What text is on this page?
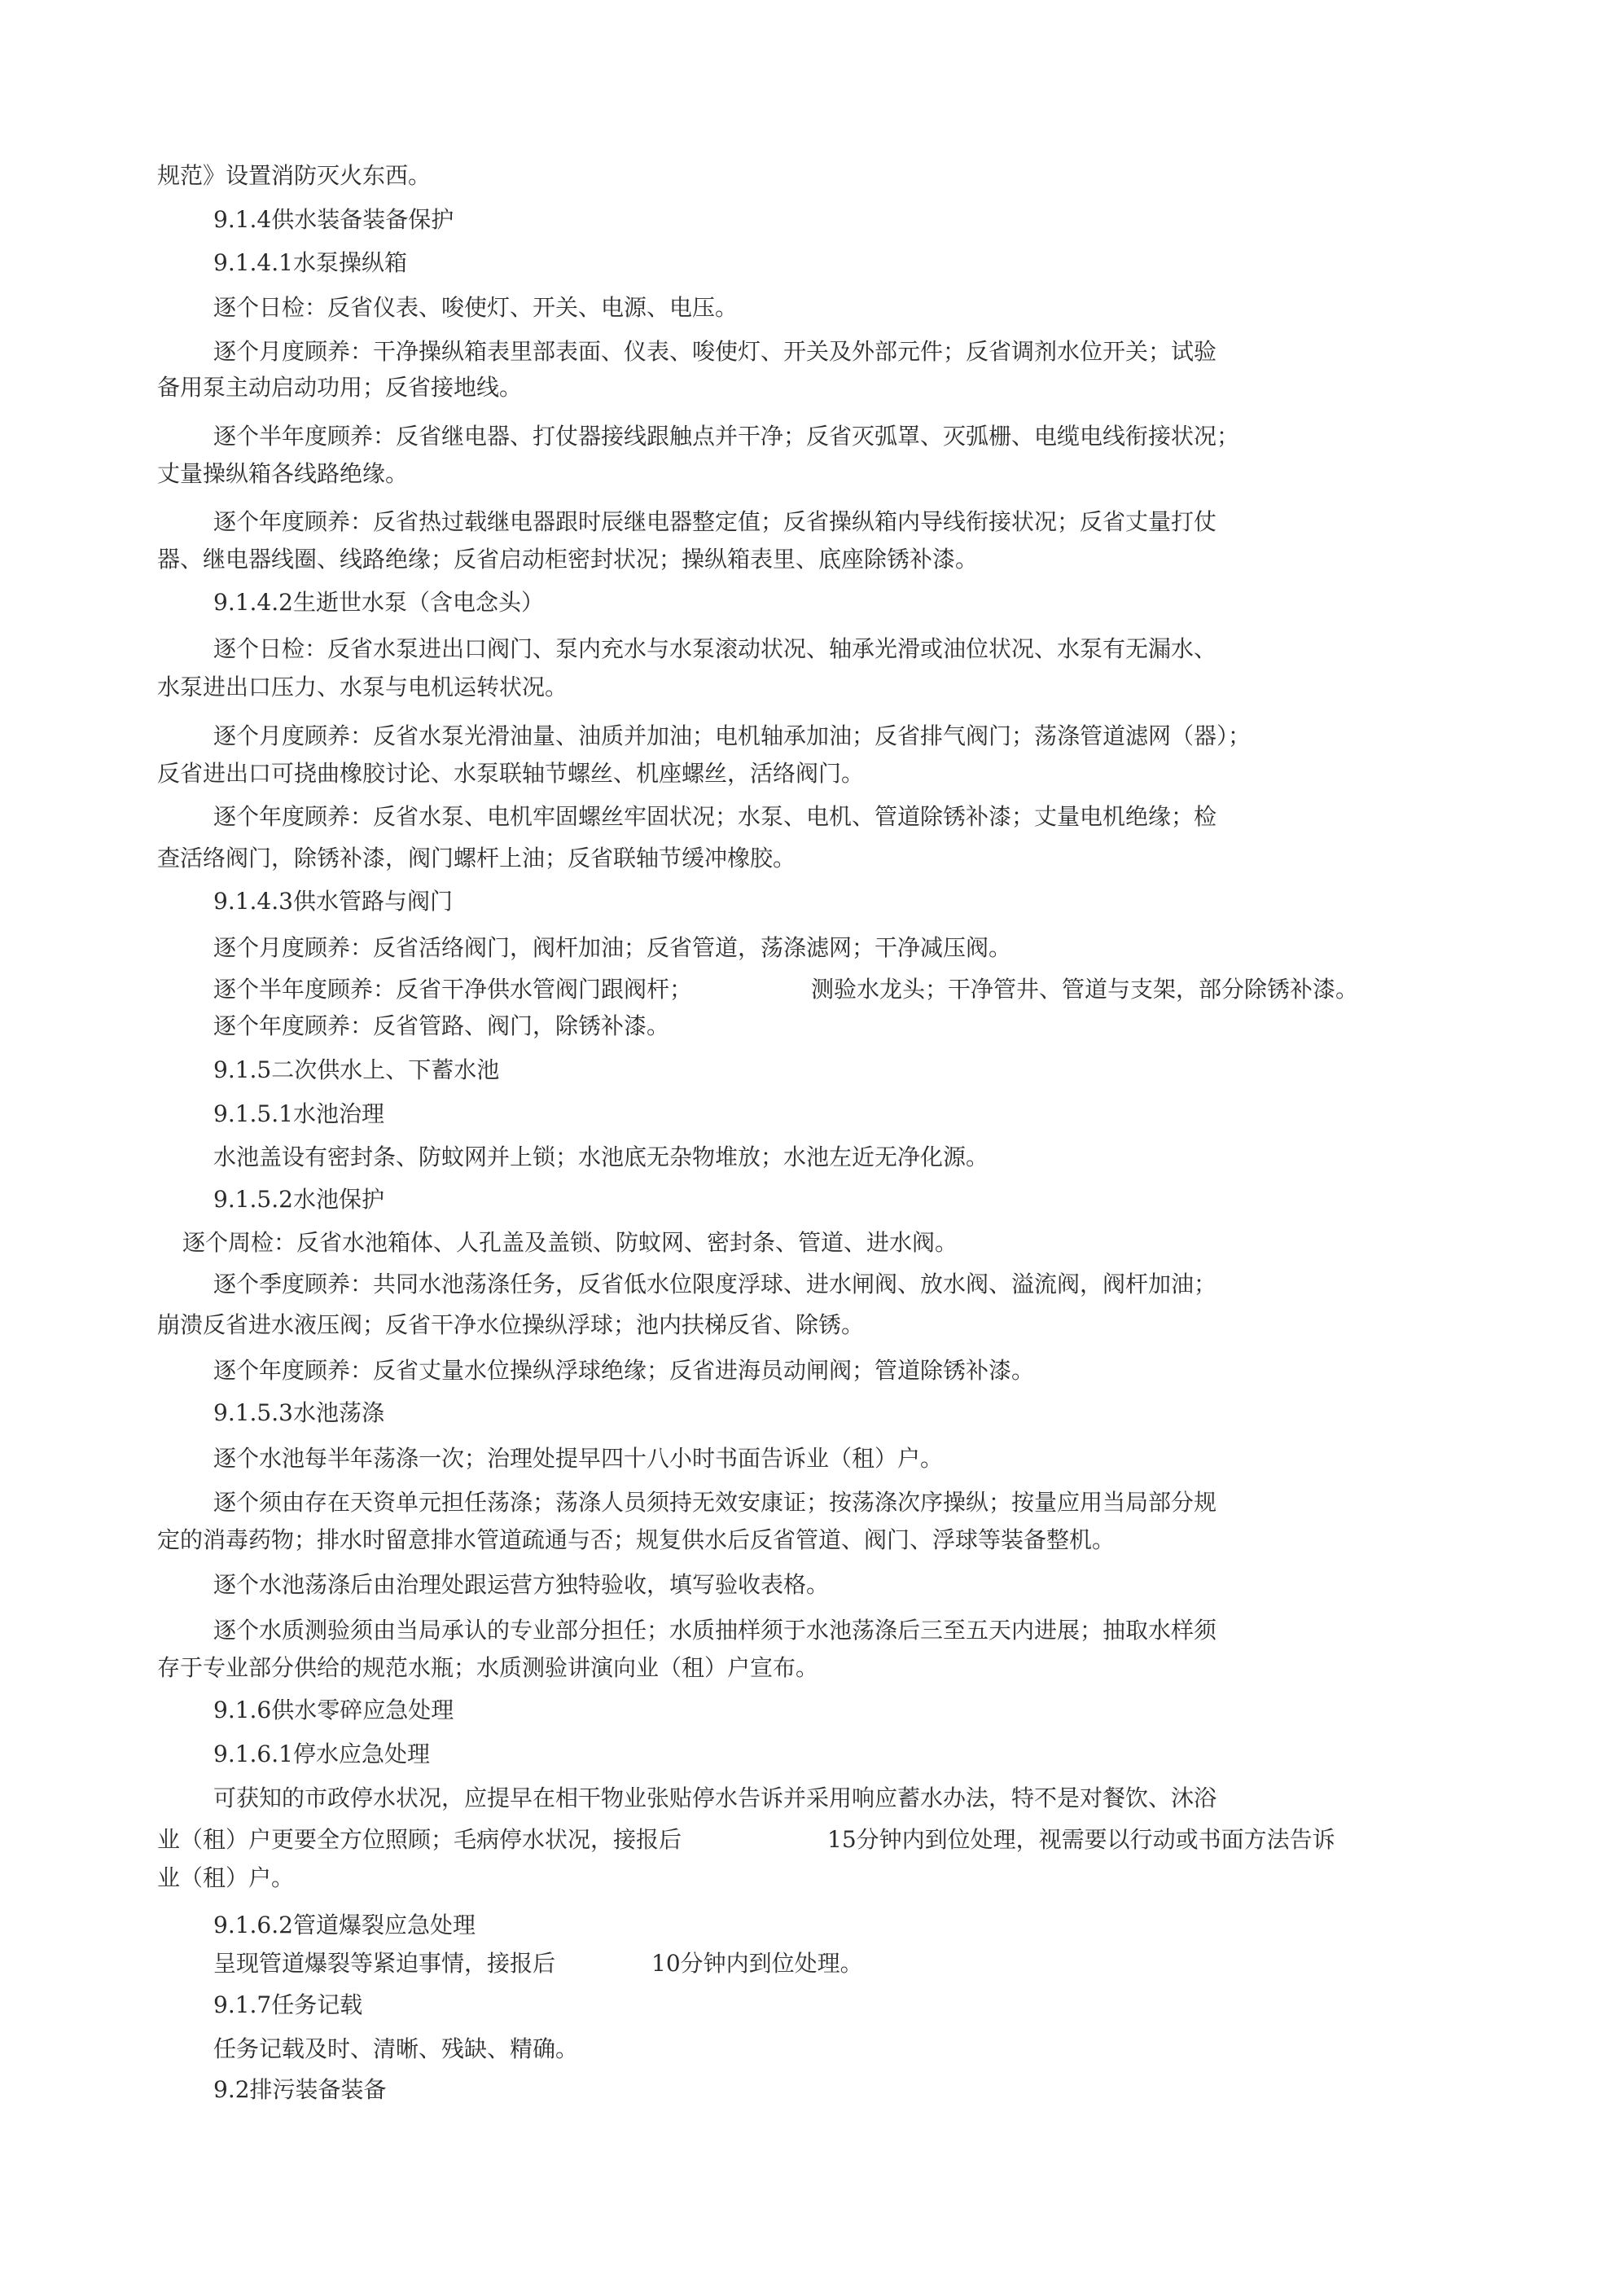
规范》设置消防灭火东西。
9.1.4供水装备装备保护
9.1.4.1水泵操纵箱
逐个日检：反省仪表、唆使灯、开关、电源、电压。
逐个月度顾养：干净操纵箱表里部表面、仪表、唆使灯、开关及外部元件；反省调剂水位开关；试验
备用泵主动启动功用；反省接地线。
逐个半年度顾养：反省继电器、打仗器接线跟触点并干净；反省灭弧罩、灭弧栅、电缆电线衔接状况；
丈量操纵箱各线路绝缘。
逐个年度顾养：反省热过载继电器跟时辰继电器整定值；反省操纵箱内导线衔接状况；反省丈量打仗
器、继电器线圈、线路绝缘；反省启动柜密封状况；操纵箱表里、底座除锈补漆。
9.1.4.2生逝世水泵（含电念头）
逐个日检：反省水泵进出口阀门、泵内充水与水泵滚动状况、轴承光滑或油位状况、水泵有无漏水、
水泵进出口压力、水泵与电机运转状况。
逐个月度顾养：反省水泵光滑油量、油质并加油；电机轴承加油；反省排气阀门；荡涤管道滤网（器）；
反省进出口可挠曲橡胶讨论、水泵联轴节螺丝、机座螺丝，活络阀门。
逐个年度顾养：反省水泵、电机牢固螺丝牢固状况；水泵、电机、管道除锈补漆；丈量电机绝缘；检
查活络阀门，除锈补漆，阀门螺杆上油；反省联轴节缓冲橡胶。
9.1.4.3供水管路与阀门
逐个月度顾养：反省活络阀门，阀杆加油；反省管道，荡涤滤网；干净减压阀。
逐个半年度顾养：反省干净供水管阀门跟阀杆；	测验水龙头；干净管井、管道与支架，部分除锈补漆。
逐个年度顾养：反省管路、阀门，除锈补漆。
9.1.5二次供水上、下蓄水池
9.1.5.1水池治理
水池盖设有密封条、防蚊网并上锁；水池底无杂物堆放；水池左近无净化源。
9.1.5.2水池保护
逐个周检：反省水池箱体、人孔盖及盖锁、防蚊网、密封条、管道、进水阀。
逐个季度顾养：共同水池荡涤任务，反省低水位限度浮球、进水闸阀、放水阀、溢流阀，阀杆加油；
崩溃反省进水液压阀；反省干净水位操纵浮球；池内扶梯反省、除锈。
逐个年度顾养：反省丈量水位操纵浮球绝缘；反省进海员动闸阀；管道除锈补漆。
9.1.5.3水池荡涤
逐个水池每半年荡涤一次；治理处提早四十八小时书面告诉业（租）户。
逐个须由存在天资单元担任荡涤；荡涤人员须持无效安康证；按荡涤次序操纵；按量应用当局部分规
定的消毒药物；排水时留意排水管道疏通与否；规复供水后反省管道、阀门、浮球等装备整机。
逐个水池荡涤后由治理处跟运营方独特验收，填写验收表格。
逐个水质测验须由当局承认的专业部分担任；水质抽样须于水池荡涤后三至五天内进展；抽取水样须
存于专业部分供给的规范水瓶；水质测验讲演向业（租）户宣布。
9.1.6供水零碎应急处理
9.1.6.1停水应急处理
可获知的市政停水状况，应提早在相干物业张贴停水告诉并采用响应蓄水办法，特不是对餐饮、沐浴
业（租）户更要全方位照顾；毛病停水状况，接报后	15分钟内到位处理，视需要以行动或书面方法告诉
业（租）户。
9.1.6.2管道爆裂应急处理
呈现管道爆裂等紧迫事情，接报后	10分钟内到位处理。
9.1.7任务记载
任务记载及时、清晰、残缺、精确。
9.2排污装备装备
